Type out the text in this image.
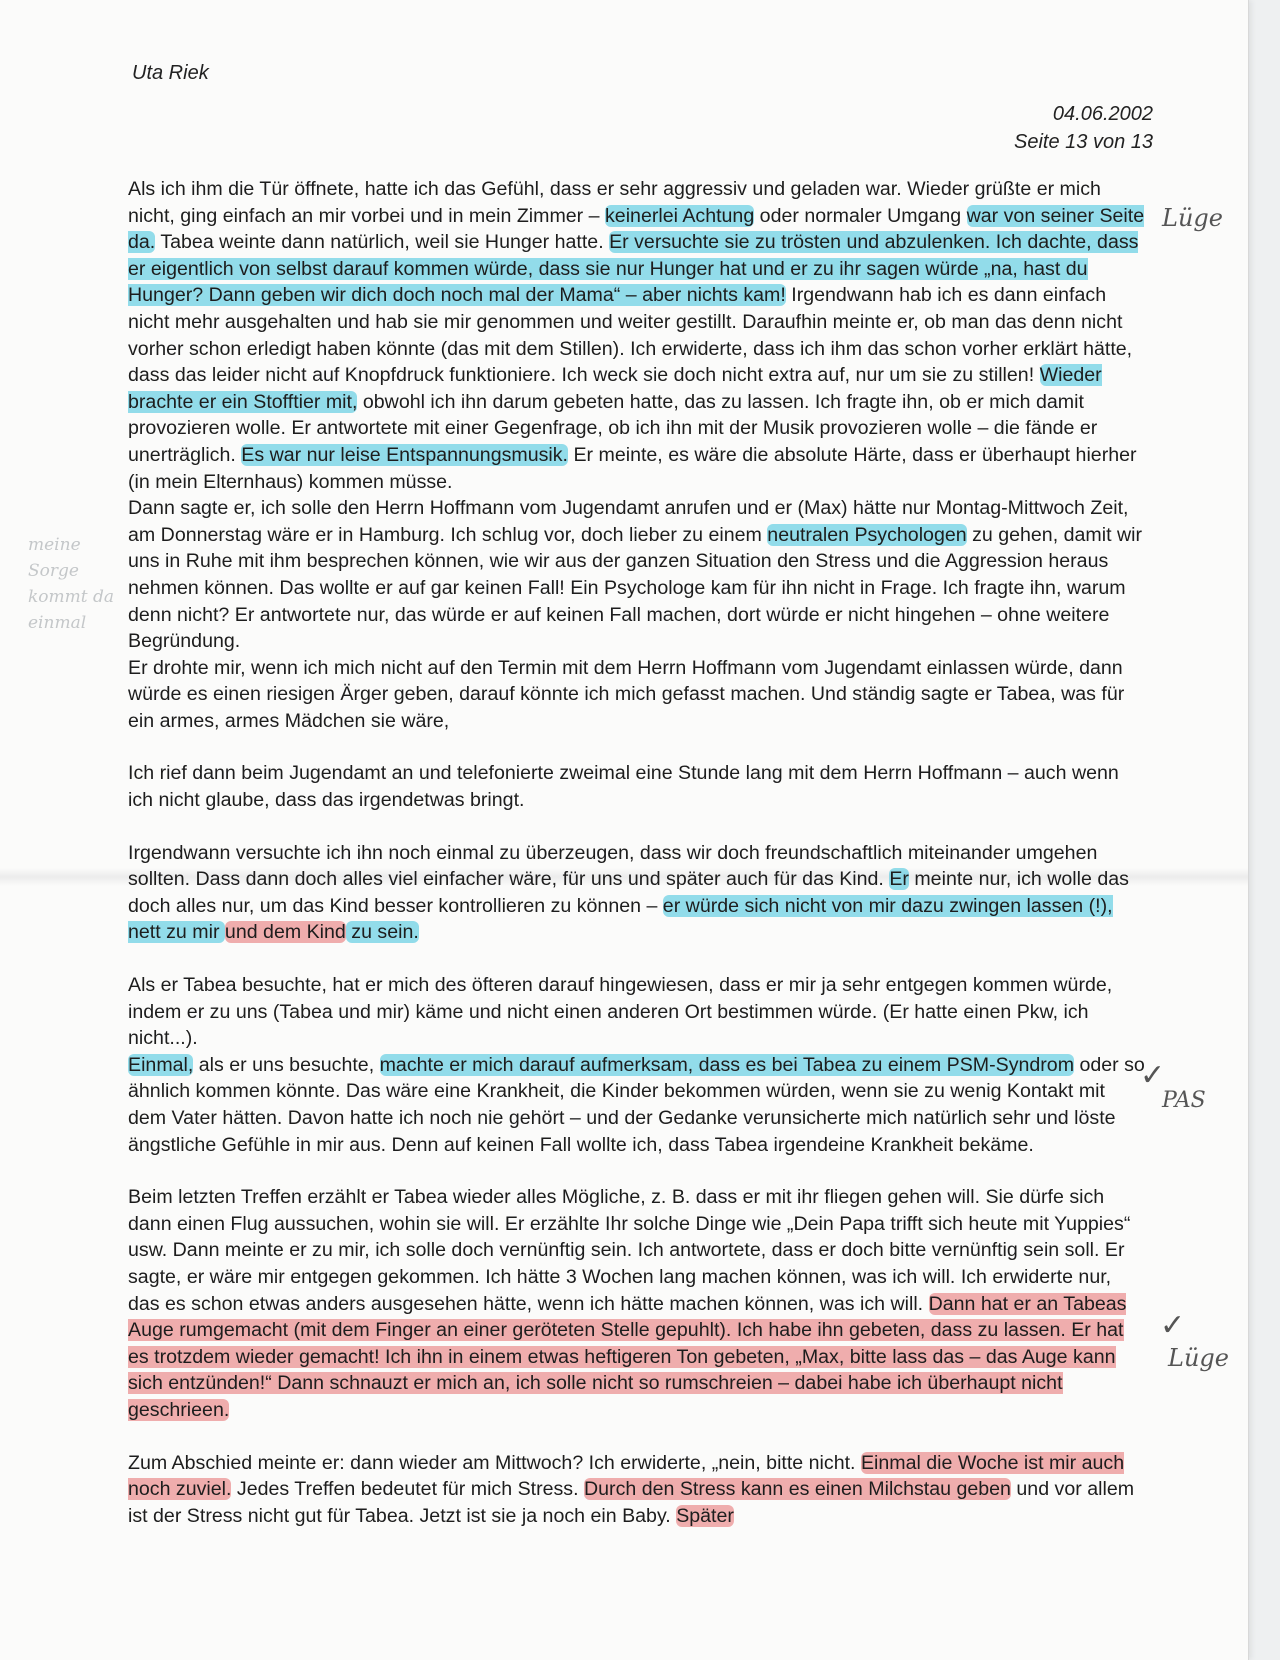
Uta Riek
04.06.2002
Seite 13 von 13
Lüge
✓
PAS
✓
Lüge
meine Sorge kommt da einmal

Als ich ihm die Tür öffnete, hatte ich das Gefühl, dass er sehr aggressiv und geladen war. Wieder grüßte er mich nicht, ging einfach an mir vorbei und in mein Zimmer – keinerlei Achtung oder normaler Umgang war von seiner Seite da. Tabea weinte dann natürlich, weil sie Hunger hatte. Er versuchte sie zu trösten und abzulenken. Ich dachte, dass er eigentlich von selbst darauf kommen würde, dass sie nur Hunger hat und er zu ihr sagen würde „na, hast du Hunger? Dann geben wir dich doch noch mal der Mama“ – aber nichts kam! Irgendwann hab ich es dann einfach nicht mehr ausgehalten und hab sie mir genommen und weiter gestillt. Daraufhin meinte er, ob man das denn nicht vorher schon erledigt haben könnte (das mit dem Stillen). Ich erwiderte, dass ich ihm das schon vorher erklärt hätte, dass das leider nicht auf Knopfdruck funktioniere. Ich weck sie doch nicht extra auf, nur um sie zu stillen! Wieder brachte er ein Stofftier mit, obwohl ich ihn darum gebeten hatte, das zu lassen. Ich fragte ihn, ob er mich damit provozieren wolle. Er antwortete mit einer Gegenfrage, ob ich ihn mit der Musik provozieren wolle – die fände er unerträglich. Es war nur leise Entspannungsmusik. Er meinte, es wäre die absolute Härte, dass er überhaupt hierher (in mein Elternhaus) kommen müsse.
Dann sagte er, ich solle den Herrn Hoffmann vom Jugendamt anrufen und er (Max) hätte nur Montag-Mittwoch Zeit, am Donnerstag wäre er in Hamburg. Ich schlug vor, doch lieber zu einem neutralen Psychologen zu gehen, damit wir uns in Ruhe mit ihm besprechen können, wie wir aus der ganzen Situation den Stress und die Aggression heraus nehmen können. Das wollte er auf gar keinen Fall! Ein Psychologe kam für ihn nicht in Frage. Ich fragte ihn, warum denn nicht? Er antwortete nur, das würde er auf keinen Fall machen, dort würde er nicht hingehen – ohne weitere Begründung.
Er drohte mir, wenn ich mich nicht auf den Termin mit dem Herrn Hoffmann vom Jugendamt einlassen würde, dann würde es einen riesigen Ärger geben, darauf könnte ich mich gefasst machen. Und ständig sagte er Tabea, was für ein armes, armes Mädchen sie wäre,

Ich rief dann beim Jugendamt an und telefonierte zweimal eine Stunde lang mit dem Herrn Hoffmann – auch wenn ich nicht glaube, dass das irgendetwas bringt.

Irgendwann versuchte ich ihn noch einmal zu überzeugen, dass wir doch freundschaftlich miteinander umgehen sollten. Dass dann doch alles viel einfacher wäre, für uns und später auch für das Kind. Er meinte nur, ich wolle das doch alles nur, um das Kind besser kontrollieren zu können – er würde sich nicht von mir dazu zwingen lassen (!), nett zu mir und dem Kind zu sein.

Als er Tabea besuchte, hat er mich des öfteren darauf hingewiesen, dass er mir ja sehr entgegen kommen würde, indem er zu uns (Tabea und mir) käme und nicht einen anderen Ort bestimmen würde. (Er hatte einen Pkw, ich nicht...).
Einmal, als er uns besuchte, machte er mich darauf aufmerksam, dass es bei Tabea zu einem PSM-Syndrom oder so ähnlich kommen könnte. Das wäre eine Krankheit, die Kinder bekommen würden, wenn sie zu wenig Kontakt mit dem Vater hätten. Davon hatte ich noch nie gehört – und der Gedanke verunsicherte mich natürlich sehr und löste ängstliche Gefühle in mir aus. Denn auf keinen Fall wollte ich, dass Tabea irgendeine Krankheit bekäme.

Beim letzten Treffen erzählt er Tabea wieder alles Mögliche, z. B. dass er mit ihr fliegen gehen will. Sie dürfe sich dann einen Flug aussuchen, wohin sie will. Er erzählte Ihr solche Dinge wie „Dein Papa trifft sich heute mit Yuppies“ usw. Dann meinte er zu mir, ich solle doch vernünftig sein. Ich antwortete, dass er doch bitte vernünftig sein soll. Er sagte, er wäre mir entgegen gekommen. Ich hätte 3 Wochen lang machen können, was ich will. Ich erwiderte nur, das es schon etwas anders ausgesehen hätte, wenn ich hätte machen können, was ich will. Dann hat er an Tabeas Auge rumgemacht (mit dem Finger an einer geröteten Stelle gepuhlt). Ich habe ihn gebeten, dass zu lassen. Er hat es trotzdem wieder gemacht! Ich ihn in einem etwas heftigeren Ton gebeten, „Max, bitte lass das – das Auge kann sich entzünden!“ Dann schnauzt er mich an, ich solle nicht so rumschreien – dabei habe ich überhaupt nicht geschrieen.

Zum Abschied meinte er: dann wieder am Mittwoch? Ich erwiderte, „nein, bitte nicht. Einmal die Woche ist mir auch noch zuviel. Jedes Treffen bedeutet für mich Stress. Durch den Stress kann es einen Milchstau geben und vor allem ist der Stress nicht gut für Tabea. Jetzt ist sie ja noch ein Baby. Später
